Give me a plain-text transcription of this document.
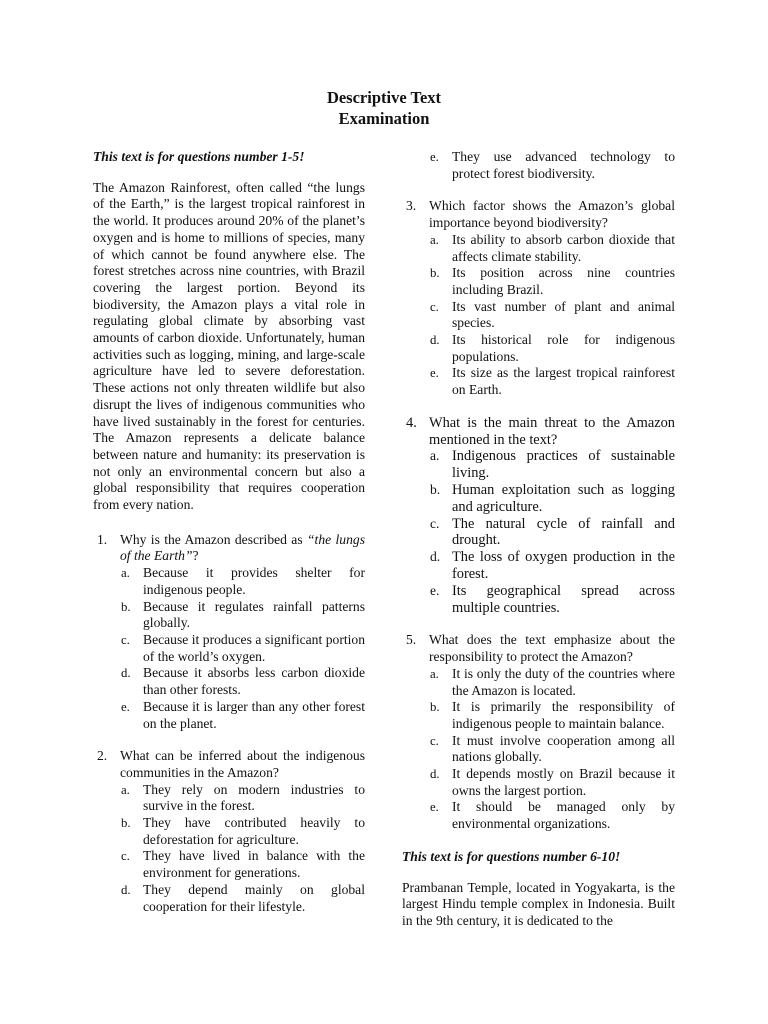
Descriptive Text
Examination

This text is for questions number 1-5!

The Amazon Rainforest, often called “the lungs of the Earth,” is the largest tropical rainforest in the world. It produces around 20% of the planet’s oxygen and is home to millions of species, many of which cannot be found anywhere else. The forest stretches across nine countries, with Brazil covering the largest portion. Beyond its biodiversity, the Amazon plays a vital role in regulating global climate by absorbing vast amounts of carbon dioxide. Unfortunately, human activities such as logging, mining, and large-scale agriculture have led to severe deforestation. These actions not only threaten wildlife but also disrupt the lives of indigenous communities who have lived sustainably in the forest for centuries. The Amazon represents a delicate balance between nature and humanity: its preservation is not only an environmental concern but also a global responsibility that requires cooperation from every nation.

1. Why is the Amazon described as “the lungs of the Earth”?
a. Because it provides shelter for indigenous people.
b. Because it regulates rainfall patterns globally.
c. Because it produces a significant portion of the world’s oxygen.
d. Because it absorbs less carbon dioxide than other forests.
e. Because it is larger than any other forest on the planet.
2. What can be inferred about the indigenous communities in the Amazon?
a. They rely on modern industries to survive in the forest.
b. They have contributed heavily to deforestation for agriculture.
c. They have lived in balance with the environment for generations.
d. They depend mainly on global cooperation for their lifestyle.
e. They use advanced technology to protect forest biodiversity.
3. Which factor shows the Amazon’s global importance beyond biodiversity?
a. Its ability to absorb carbon dioxide that affects climate stability.
b. Its position across nine countries including Brazil.
c. Its vast number of plant and animal species.
d. Its historical role for indigenous populations.
e. Its size as the largest tropical rainforest on Earth.
4. What is the main threat to the Amazon mentioned in the text?
a. Indigenous practices of sustainable living.
b. Human exploitation such as logging and agriculture.
c. The natural cycle of rainfall and drought.
d. The loss of oxygen production in the forest.
e. Its geographical spread across multiple countries.
5. What does the text emphasize about the responsibility to protect the Amazon?
a. It is only the duty of the countries where the Amazon is located.
b. It is primarily the responsibility of indigenous people to maintain balance.
c. It must involve cooperation among all nations globally.
d. It depends mostly on Brazil because it owns the largest portion.
e. It should be managed only by environmental organizations.

This text is for questions number 6-10!

Prambanan Temple, located in Yogyakarta, is the largest Hindu temple complex in Indonesia. Built in the 9th century, it is dedicated to the
